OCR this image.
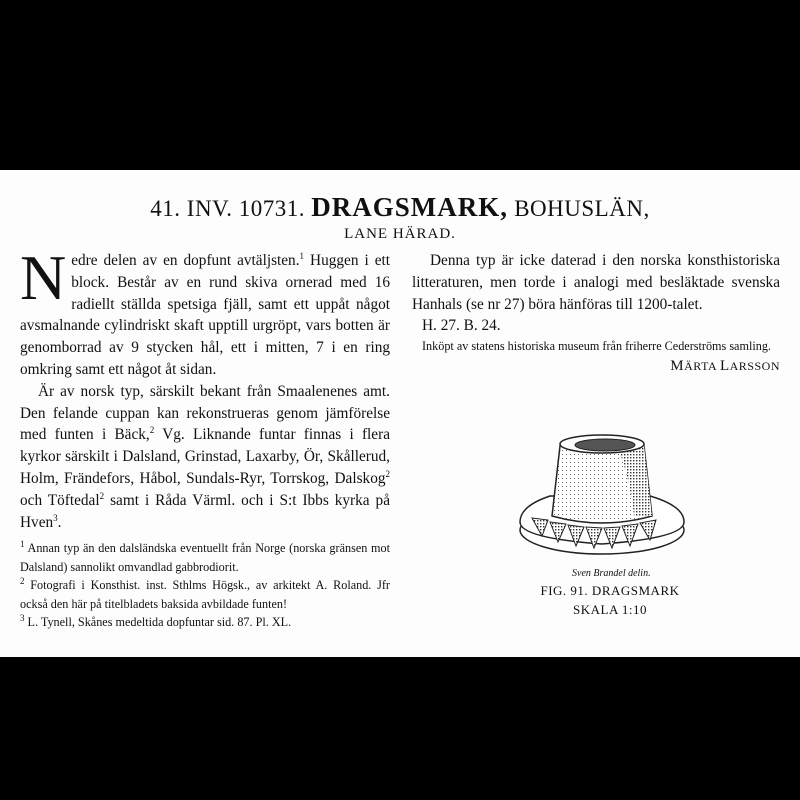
41. INV. 10731. DRAGSMARK, BOHUSLÄN,
LANE HÄRAD.

Nedre delen av en dopfunt avtäljsten.$^1$ Huggen i ett block. Består av en rund skiva ornerad med 16 radiellt ställda spetsiga fjäll, samt ett uppåt något avsmalnande cylindriskt skaft upptill urgröpt, vars botten är genomborrad av 9 stycken hål, ett i mitten, 7 i en ring omkring samt ett något åt sidan.

Är av norsk typ, särskilt bekant från Smaalenenes amt. Den felande cuppan kan rekonstrueras genom jämförelse med funten i Bäck,$^2$ Vg. Liknande funtar finnas i flera kyrkor särskilt i Dalsland, Grinstad, Laxarby, Ör, Skållerud, Holm, Frändefors, Håbol, Sundals-Ryr, Torrskog, Dalskog$^2$ och Töftedal$^2$ samt i Råda Värml. och i S:t Ibbs kyrka på Hven$^3$.

$^1$ Annan typ än den dalsländska eventuellt från Norge (norska gränsen mot Dalsland) sannolikt omvandlad gabbrodiorit.
$^2$ Fotografi i Konsthist. inst. Sthlms Högsk., av arkitekt A. Roland. Jfr också den här på titelbladets baksida avbildade funten!
$^3$ L. Tynell, Skånes medeltida dopfuntar sid. 87. Pl. XL.

Denna typ är icke daterad i den norska konsthistoriska litteraturen, men torde i analogi med besläktade svenska Hanhals (se nr 27) böra hänföras till 1200-talet.

H. 27. B. 24.

Inköpt av statens historiska museum från friherre Cederströms samling.

MÄRTA LARSSON

Sven Brandel delin.
FIG. 91. DRAGSMARK
SKALA 1:10
